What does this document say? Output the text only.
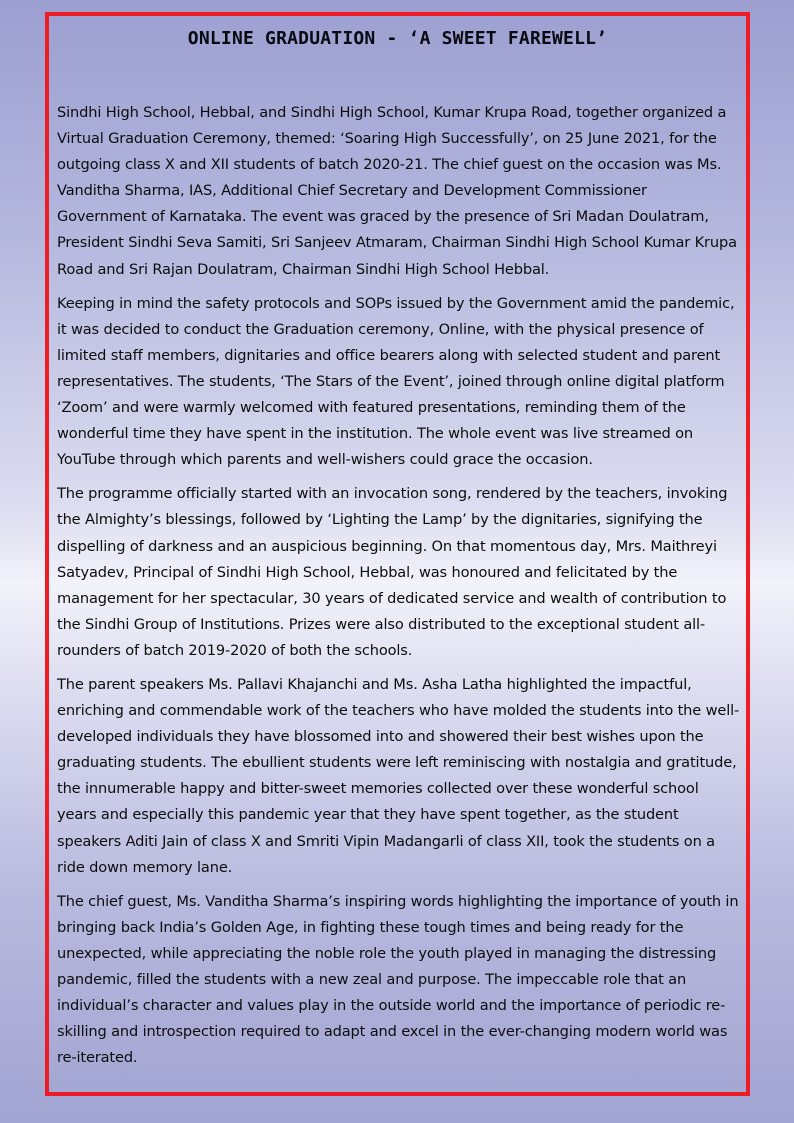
ONLINE GRADUATION - ‘A SWEET FAREWELL’

Sindhi High School, Hebbal, and Sindhi High School, Kumar Krupa Road, together organized a Virtual Graduation Ceremony, themed: ‘Soaring High Successfully’, on 25 June 2021, for the outgoing class X and XII students of batch 2020-21. The chief guest on the occasion was Ms. Vanditha Sharma, IAS, Additional Chief Secretary and Development Commissioner Government of Karnataka. The event was graced by the presence of Sri Madan Doulatram, President Sindhi Seva Samiti, Sri Sanjeev Atmaram, Chairman Sindhi High School Kumar Krupa Road and Sri Rajan Doulatram, Chairman Sindhi High School Hebbal.

Keeping in mind the safety protocols and SOPs issued by the Government amid the pandemic, it was decided to conduct the Graduation ceremony, Online, with the physical presence of limited staff members, dignitaries and office bearers along with selected student and parent representatives. The students, ‘The Stars of the Event’, joined through online digital platform ‘Zoom’ and were warmly welcomed with featured presentations, reminding them of the wonderful time they have spent in the institution. The whole event was live streamed on YouTube through which parents and well-wishers could grace the occasion.

The programme officially started with an invocation song, rendered by the teachers, invoking the Almighty’s blessings, followed by ‘Lighting the Lamp’ by the dignitaries, signifying the dispelling of darkness and an auspicious beginning. On that momentous day, Mrs. Maithreyi Satyadev, Principal of Sindhi High School, Hebbal, was honoured and felicitated by the management for her spectacular, 30 years of dedicated service and wealth of contribution to the Sindhi Group of Institutions. Prizes were also distributed to the exceptional student all-rounders of batch 2019-2020 of both the schools.

The parent speakers Ms. Pallavi Khajanchi and Ms. Asha Latha highlighted the impactful, enriching and commendable work of the teachers who have molded the students into the well-developed individuals they have blossomed into and showered their best wishes upon the graduating students. The ebullient students were left reminiscing with nostalgia and gratitude, the innumerable happy and bitter-sweet memories collected over these wonderful school years and especially this pandemic year that they have spent together, as the student speakers Aditi Jain of class X and Smriti Vipin Madangarli of class XII, took the students on a ride down memory lane.

The chief guest, Ms. Vanditha Sharma’s inspiring words highlighting the importance of youth in bringing back India’s Golden Age, in fighting these tough times and being ready for the unexpected, while appreciating the noble role the youth played in managing the distressing pandemic, filled the students with a new zeal and purpose. The impeccable role that an individual’s character and values play in the outside world and the importance of periodic re-skilling and introspection required to adapt and excel in the ever-changing modern world was re-iterated.
